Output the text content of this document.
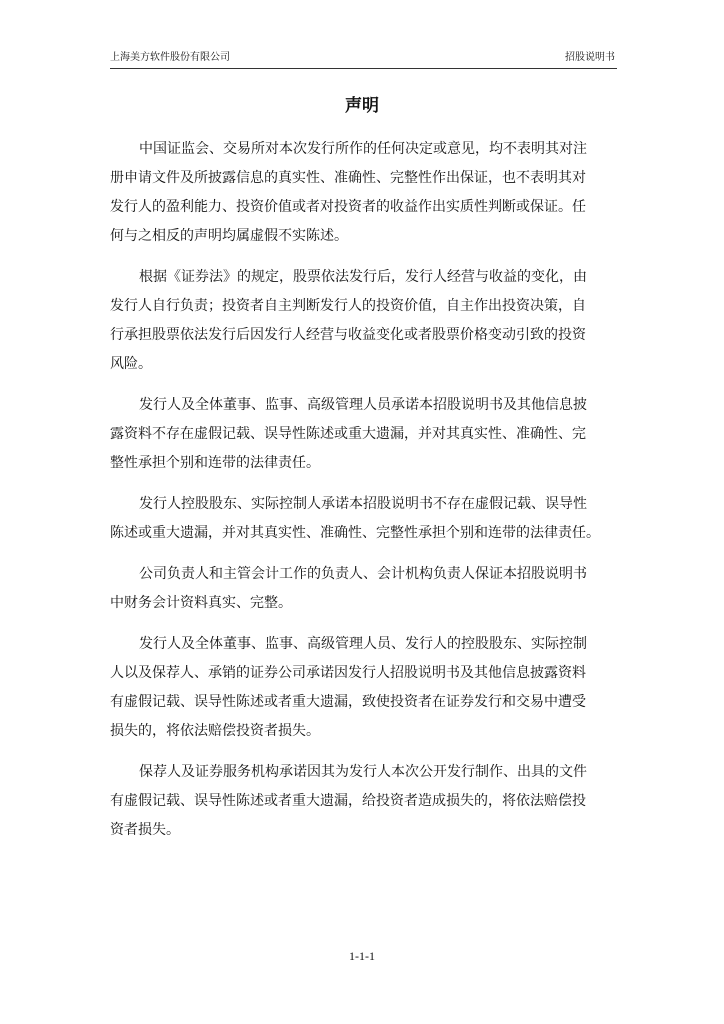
上海美方软件股份有限公司	招股说明书
声明
中国证监会、交易所对本次发行所作的任何决定或意见，均不表明其对注
册申请文件及所披露信息的真实性、准确性、完整性作出保证，也不表明其对
发行人的盈利能力、投资价值或者对投资者的收益作出实质性判断或保证。任
何与之相反的声明均属虚假不实陈述。
根据《证券法》的规定，股票依法发行后，发行人经营与收益的变化，由
发行人自行负责；投资者自主判断发行人的投资价值，自主作出投资决策，自
行承担股票依法发行后因发行人经营与收益变化或者股票价格变动引致的投资
风险。
发行人及全体董事、监事、高级管理人员承诺本招股说明书及其他信息披
露资料不存在虚假记载、误导性陈述或重大遗漏，并对其真实性、准确性、完
整性承担个别和连带的法律责任。
发行人控股股东、实际控制人承诺本招股说明书不存在虚假记载、误导性
陈述或重大遗漏，并对其真实性、准确性、完整性承担个别和连带的法律责任。
公司负责人和主管会计工作的负责人、会计机构负责人保证本招股说明书
中财务会计资料真实、完整。
发行人及全体董事、监事、高级管理人员、发行人的控股股东、实际控制
人以及保荐人、承销的证券公司承诺因发行人招股说明书及其他信息披露资料
有虚假记载、误导性陈述或者重大遗漏，致使投资者在证券发行和交易中遭受
损失的，将依法赔偿投资者损失。
保荐人及证券服务机构承诺因其为发行人本次公开发行制作、出具的文件
有虚假记载、误导性陈述或者重大遗漏，给投资者造成损失的，将依法赔偿投
资者损失。
1-1-1
